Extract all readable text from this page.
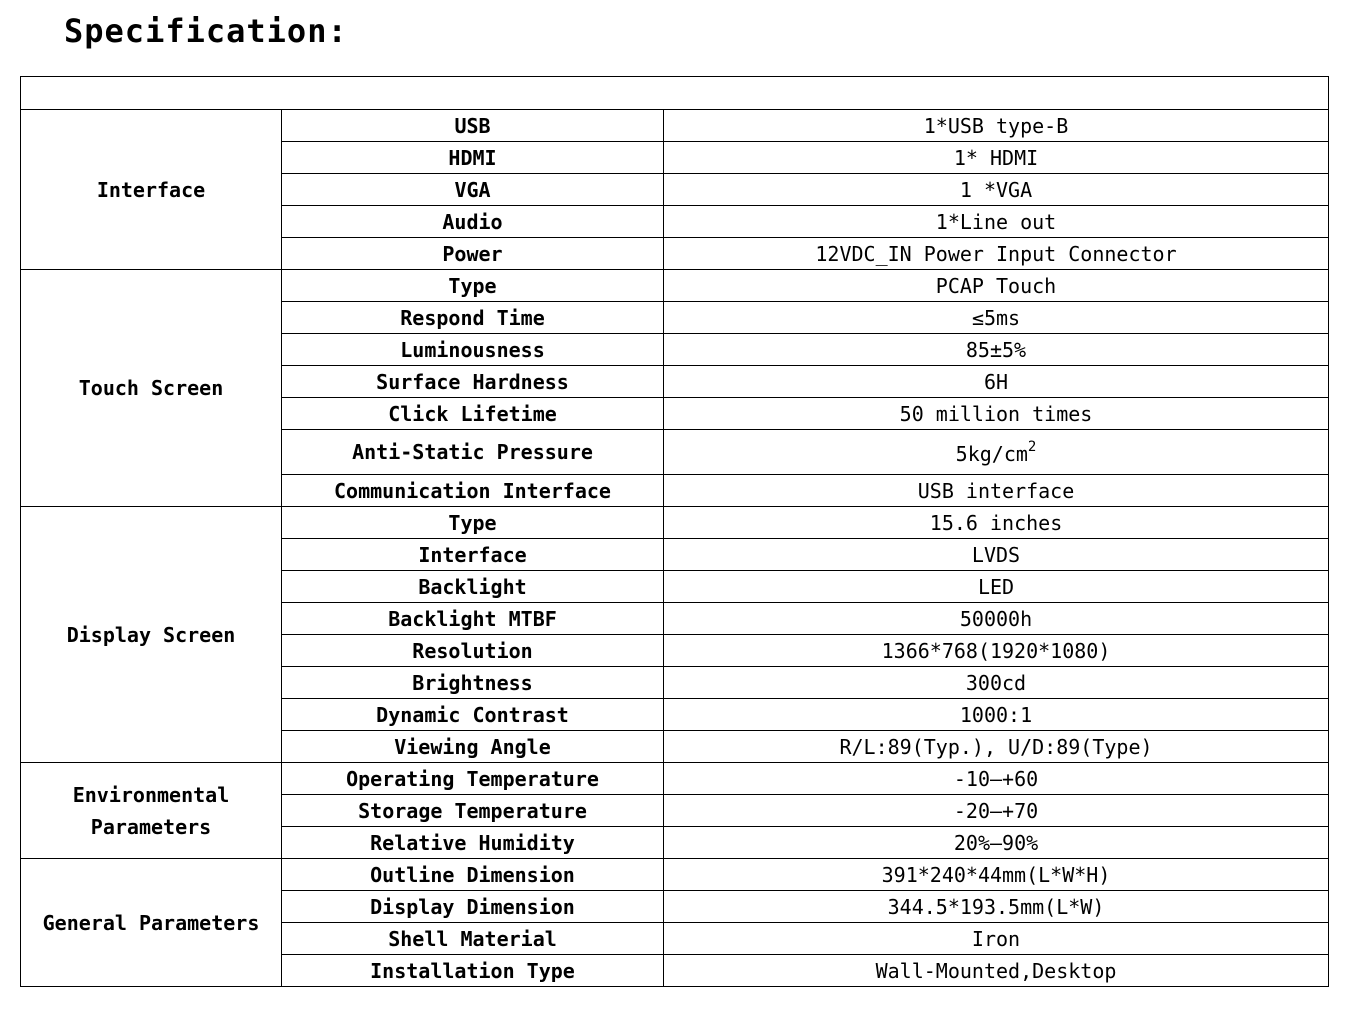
Specification:

Interface	USB	1*USB type-B
	HDMI	1* HDMI
	VGA	1 *VGA
	Audio	1*Line out
	Power	12VDC_IN Power Input Connector
Touch Screen	Type	PCAP Touch
	Respond Time	≤5ms
	Luminousness	85±5%
	Surface Hardness	6H
	Click Lifetime	50 million times
	Anti-Static Pressure	$5kg/cm^2$
	Communication Interface	USB interface
Display Screen	Type	15.6 inches
	Interface	LVDS
	Backlight	LED
	Backlight MTBF	50000h
	Resolution	1366*768(1920*1080)
	Brightness	300cd
	Dynamic Contrast	1000:1
	Viewing Angle	R/L:89(Typ.), U/D:89(Type)
Environmental Parameters	Operating Temperature	-10—+60
	Storage Temperature	-20—+70
	Relative Humidity	20%—90%
General Parameters	Outline Dimension	391*240*44mm(L*W*H)
	Display Dimension	344.5*193.5mm(L*W)
	Shell Material	Iron
	Installation Type	Wall-Mounted,Desktop
